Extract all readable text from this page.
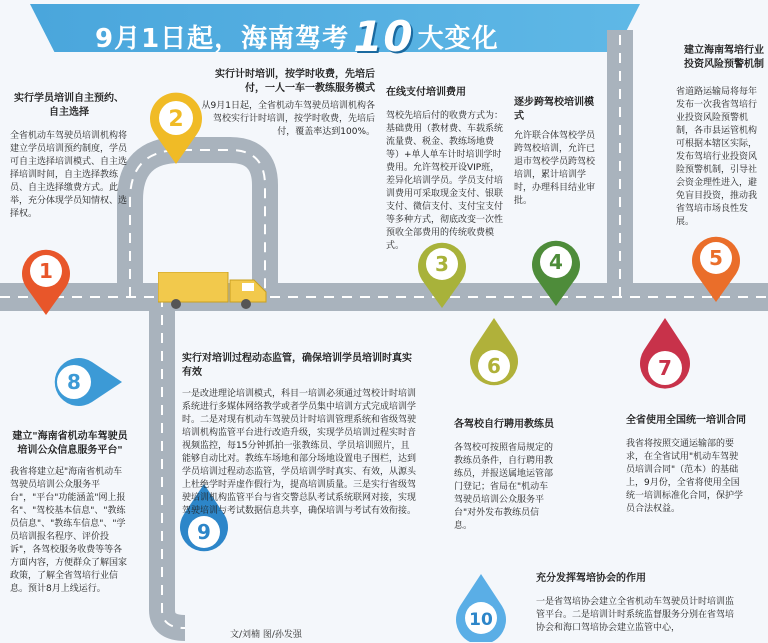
9月1日起，海南驾考10 大变化
1
2
3	4	5
6	7
8
9
10
实行学员培训自主预约、自主选择
全省机动车驾驶员培训机构将建立学员培训预约制度，学员可自主选择培训模式、自主选择培训时间，自主选择教练员、自主选择缴费方式。此举，充分体现学员知情权、选择权。
实行计时培训，按学时收费，先培后付，一人一车一教练服务模式
从9月1日起，全省机动车驾驶员培训机构各驾校实行计时培训，按学时收费，先培后付，覆盖率达到100%。
在线支付培训费用
驾校先培后付的收费方式为：基础费用（教材费、车载系统流量费、税金、教练场地费等）+单人单车计时培训学时费用。允许驾校开设VIP班，差异化培训学员。学员支付培训费用可采取现金支付、银联支付、微信支付、支付宝支付等多种方式，彻底改变一次性预收全部费用的传统收费模式。
逐步跨驾校培训模式
允许联合体驾校学员跨驾校培训，允许已退市驾校学员跨驾校培训，累计培训学时，办理科目结业审批。
建立海南驾培行业投资风险预警机制
省道路运输局将每年发布一次我省驾培行业投资风险预警机制，各市县运管机构可根据本辖区实际，发布驾培行业投资风险预警机制，引导社会资金理性进入，避免盲目投资，推动我省驾培市场良性发展。
各驾校自行聘用教练员
各驾校可按照省局规定的教练员条件，自行聘用教练员，并报送属地运管部门登记；省局在"机动车驾驶员培训公众服务平台"对外发布教练员信息。
全省使用全国统一培训合同
我省将按照交通运输部的要求，在全省试用"机动车驾驶员培训合同"（范本）的基础上，9月份，全省将使用全国统一培训标准化合同，保护学员合法权益。
建立"海南省机动车驾驶员培训公众信息服务平台"
我省将建立起"海南省机动车驾驶员培训公众服务平台"，"平台"功能涵盖"网上报名"、"驾校基本信息"、"教练员信息"、"教练车信息"、"学员培训报名程序、评价投诉"，各驾校服务收费等等各方面内容，方便群众了解国家政策，了解全省驾培行业信息。预计8月上线运行。
实行对培训过程动态监管，确保培训学员培训时真实有效
一是改进理论培训模式，科目一培训必须通过驾校计时培训系统进行多媒体网络教学或者学员集中培训方式完成培训学时。二是对现有机动车驾驶员计时培训管理系统和省级驾驶培训机构监管平台进行改造升级，实现学员培训过程实时音视频监控，每15分钟抓拍一张教练员、学员培训照片，且能够自动比对。教练车场地和部分场地设置电子围栏，达到学员培训过程动态监管，学员培训学时真实、有效，从源头上杜绝学时弄虚作假行为，提高培训质量。三是实行省级驾驶培训机构监管平台与省交警总队考试系统联网对接，实现驾驶培训与考试数据信息共享，确保培训与考试有效衔接。
充分发挥驾培协会的作用
一是省驾培协会建立全省机动车驾驶员计时培训监管平台。二是培训计时系统监督服务分别在省驾培协会和海口驾培协会建立监管中心，
文/刘楠 图/孙发强
